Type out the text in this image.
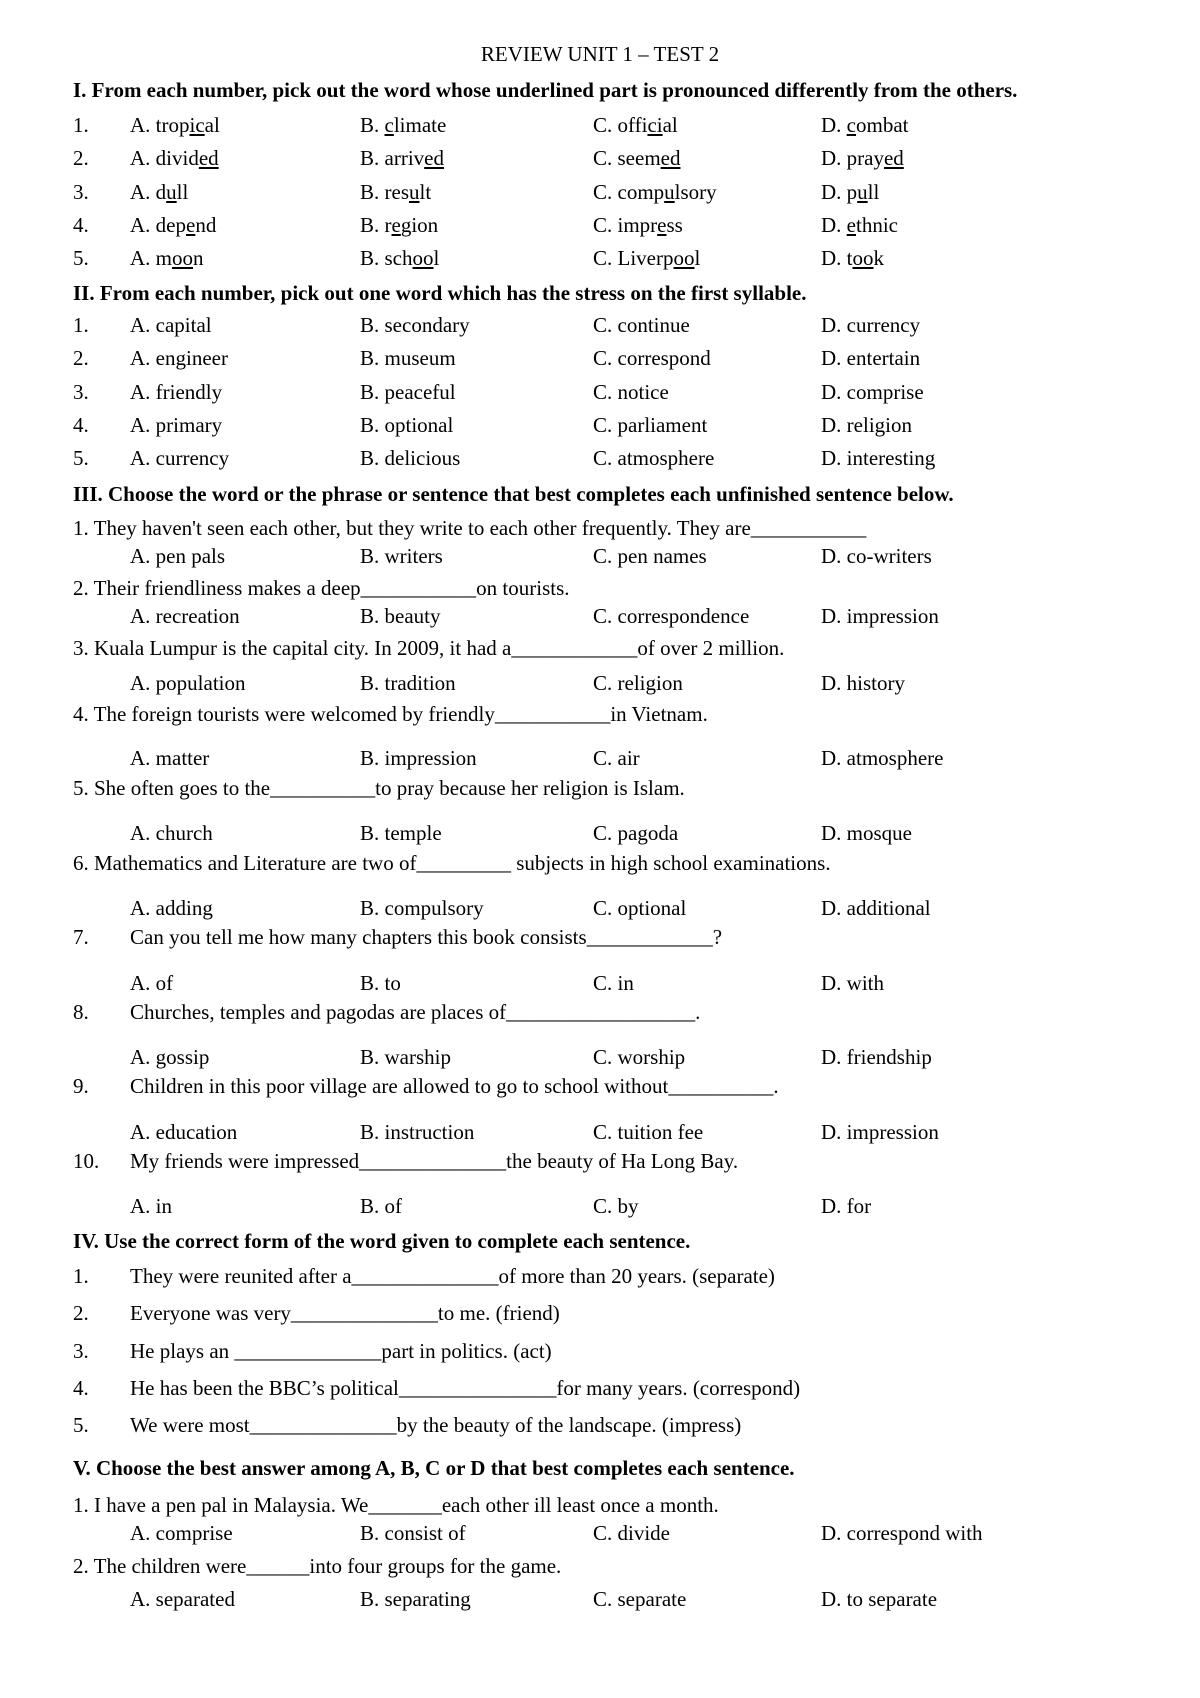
REVIEW UNIT 1 – TEST 2
I. From each number, pick out the word whose underlined part is pronounced differently from the others.
1. A. tropical	B. climate	C. official	D. combat
2. A. divided	B. arrived	C. seemed	D. prayed
3. A. dull	B. result	C. compulsory	D. pull
4. A. depend	B. region	C. impress	D. ethnic
5. A. moon	B. school	C. Liverpool	D. took
II. From each number, pick out one word which has the stress on the first syllable.
1. A. capital	B. secondary	C. continue	D. currency
2. A. engineer	B. museum	C. correspond	D. entertain
3. A. friendly	B. peaceful	C. notice	D. comprise
4. A. primary	B. optional	C. parliament	D. religion
5. A. currency	B. delicious	C. atmosphere	D. interesting
III. Choose the word or the phrase or sentence that best completes each unfinished sentence below.
1. They haven't seen each other, but they write to each other frequently. They are___________
A. pen pals	B. writers	C. pen names	D. co-writers
2. Their friendliness makes a deep___________on tourists.
A. recreation	B. beauty	C. correspondence	D. impression
3. Kuala Lumpur is the capital city. In 2009, it had a____________of over 2 million.
A. population	B. tradition	C. religion	D. history
4. The foreign tourists were welcomed by friendly___________in Vietnam.
A. matter	B. impression	C. air	D. atmosphere
5. She often goes to the__________to pray because her religion is Islam.
A. church	B. temple	C. pagoda	D. mosque
6. Mathematics and Literature are two of_________ subjects in high school examinations.
A. adding	B. compulsory	C. optional	D. additional
7. Can you tell me how many chapters this book consists____________?
A. of	B. to	C. in	D. with
8. Churches, temples and pagodas are places of__________________.
A. gossip	B. warship	C. worship	D. friendship
9. Children in this poor village are allowed to go to school without__________.
A. education	B. instruction	C. tuition fee	D. impression
10. My friends were impressed______________the beauty of Ha Long Bay.
A. in	B. of	C. by	D. for
IV. Use the correct form of the word given to complete each sentence.
1. They were reunited after a______________of more than 20 years. (separate)
2. Everyone was very______________to me. (friend)
3. He plays an ______________part in politics. (act)
4. He has been the BBC’s political_______________for many years. (correspond)
5. We were most______________by the beauty of the landscape. (impress)
V. Choose the best answer among A, B, C or D that best completes each sentence.
1. I have a pen pal in Malaysia. We_______each other ill least once a month.
A. comprise	B. consist of	C. divide	D. correspond with
2. The children were______into four groups for the game.
A. separated	B. separating	C. separate	D. to separate
